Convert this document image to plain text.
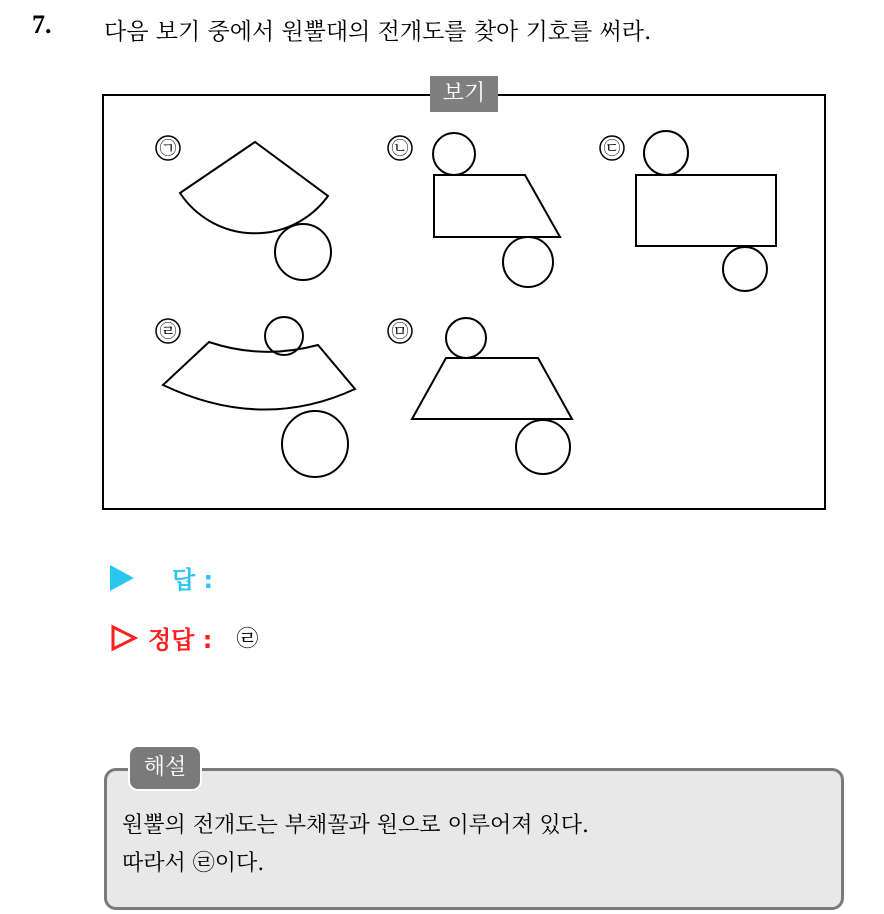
7. 다음 보기 중에서 원뿔대의 전개도를 찾아 기호를 써라.
보기
㉠	㉡	㉢
㉣	㉤
답 :
정답 : ㉣
해설
원뿔의 전개도는 부채꼴과 원으로 이루어져 있다.
따라서 ㉣이다.
